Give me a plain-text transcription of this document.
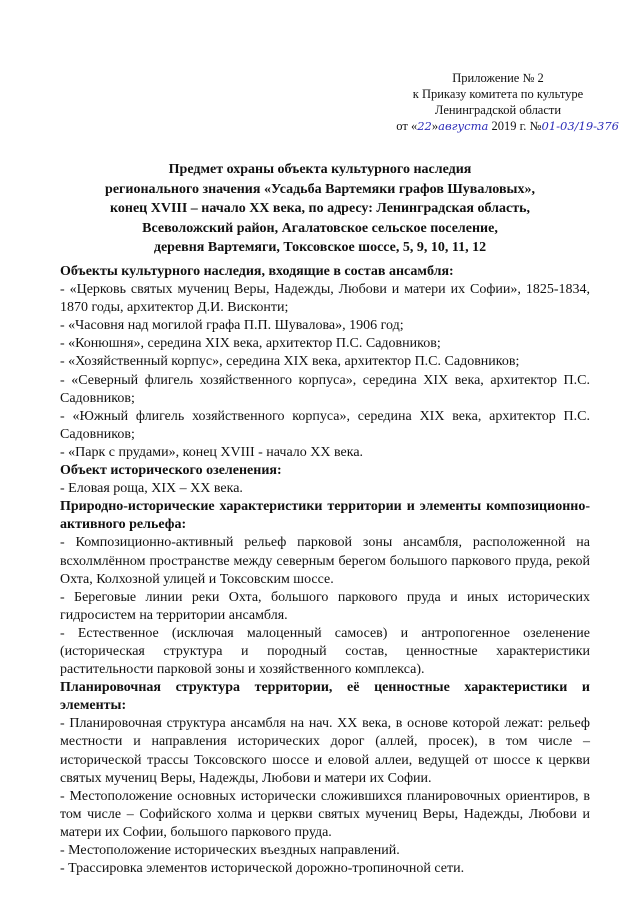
Приложение № 2
к Приказу комитета по культуре
Ленинградской области
от «22»августа 2019 г. №01-03/19-376
Предмет охраны объекта культурного наследия
регионального значения «Усадьба Вартемяки графов Шуваловых»,
конец XVIII – начало XX века, по адресу: Ленинградская область,
Всеволожский район, Агалатовское сельское поселение,
деревня Вартемяги, Токсовское шоссе, 5, 9, 10, 11, 12

Объекты культурного наследия, входящие в состав ансамбля:

- «Церковь святых мучениц Веры, Надежды, Любови и матери их Софии», 1825-1834, 1870 годы, архитектор Д.И. Висконти;

- «Часовня над могилой графа П.П. Шувалова», 1906 год;

- «Конюшня», середина XIX века, архитектор П.С. Садовников;

- «Хозяйственный корпус», середина XIX века, архитектор П.С. Садовников;

- «Северный флигель хозяйственного корпуса», середина XIX века, архитектор П.С. Садовников;

- «Южный флигель хозяйственного корпуса», середина XIX века, архитектор П.С. Садовников;

- «Парк с прудами», конец XVIII - начало XX века.

Объект исторического озеленения:

- Еловая роща, XIX – XX века.

Природно-исторические характеристики территории и элементы композиционно-активного рельефа:

- Композиционно-активный рельеф парковой зоны ансамбля, расположенной на всхолмлённом пространстве между северным берегом большого паркового пруда, рекой Охта, Колхозной улицей и Токсовским шоссе.

- Береговые линии реки Охта, большого паркового пруда и иных исторических гидросистем на территории ансамбля.

- Естественное (исключая малоценный самосев) и антропогенное озеленение (историческая структура и породный состав, ценностные характеристики растительности парковой зоны и хозяйственного комплекса).

Планировочная структура территории, её ценностные характеристики и элементы:

- Планировочная структура ансамбля на нач. XX века, в основе которой лежат: рельеф местности и направления исторических дорог (аллей, просек), в том числе – исторической трассы Токсовского шоссе и еловой аллеи, ведущей от шоссе к церкви святых мучениц Веры, Надежды, Любови и матери их Софии.

- Местоположение основных исторически сложившихся планировочных ориентиров, в том числе – Софийского холма и церкви святых мучениц Веры, Надежды, Любови и матери их Софии, большого паркового пруда.

- Местоположение исторических въездных направлений.

- Трассировка элементов исторической дорожно-тропиночной сети.
